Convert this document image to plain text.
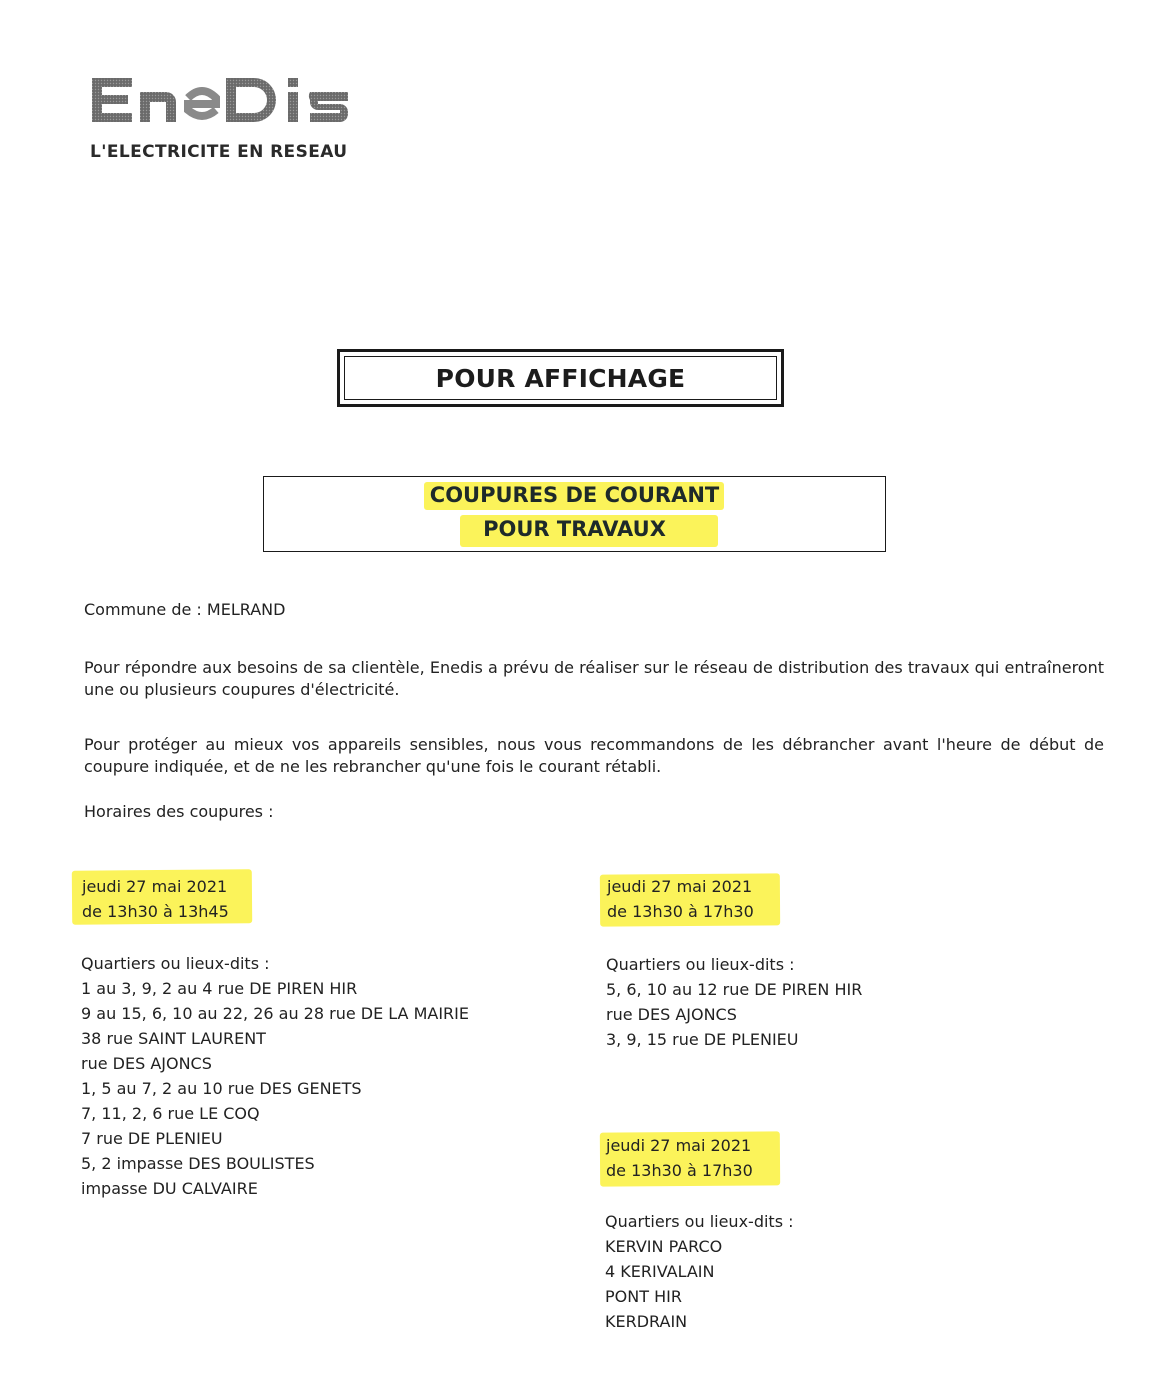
L'ELECTRICITE EN RESEAU
POUR AFFICHAGE
COUPURES DE COURANT
POUR TRAVAUX
Commune de : MELRAND
Pour répondre aux besoins de sa clientèle, Enedis a prévu de réaliser sur le réseau de distribution des travaux qui entraîneront une ou plusieurs coupures d'électricité.
Pour protéger au mieux vos appareils sensibles, nous vous recommandons de les débrancher avant l'heure de début de coupure indiquée, et de ne les rebrancher qu'une fois le courant rétabli.
Horaires des coupures :
jeudi 27 mai 2021
de 13h30 à 13h45
Quartiers ou lieux-dits :
1 au 3, 9, 2 au 4 rue DE PIREN HIR
9 au 15, 6, 10 au 22, 26 au 28 rue DE LA MAIRIE
38 rue SAINT LAURENT
rue DES AJONCS
1, 5 au 7, 2 au 10 rue DES GENETS
7, 11, 2, 6 rue LE COQ
7 rue DE PLENIEU
5, 2 impasse DES BOULISTES
impasse DU CALVAIRE
jeudi 27 mai 2021
de 13h30 à 17h30
Quartiers ou lieux-dits :
5, 6, 10 au 12 rue DE PIREN HIR
rue DES AJONCS
3, 9, 15 rue DE PLENIEU
jeudi 27 mai 2021
de 13h30 à 17h30
Quartiers ou lieux-dits :
KERVIN PARCO
4 KERIVALAIN
PONT HIR
KERDRAIN
